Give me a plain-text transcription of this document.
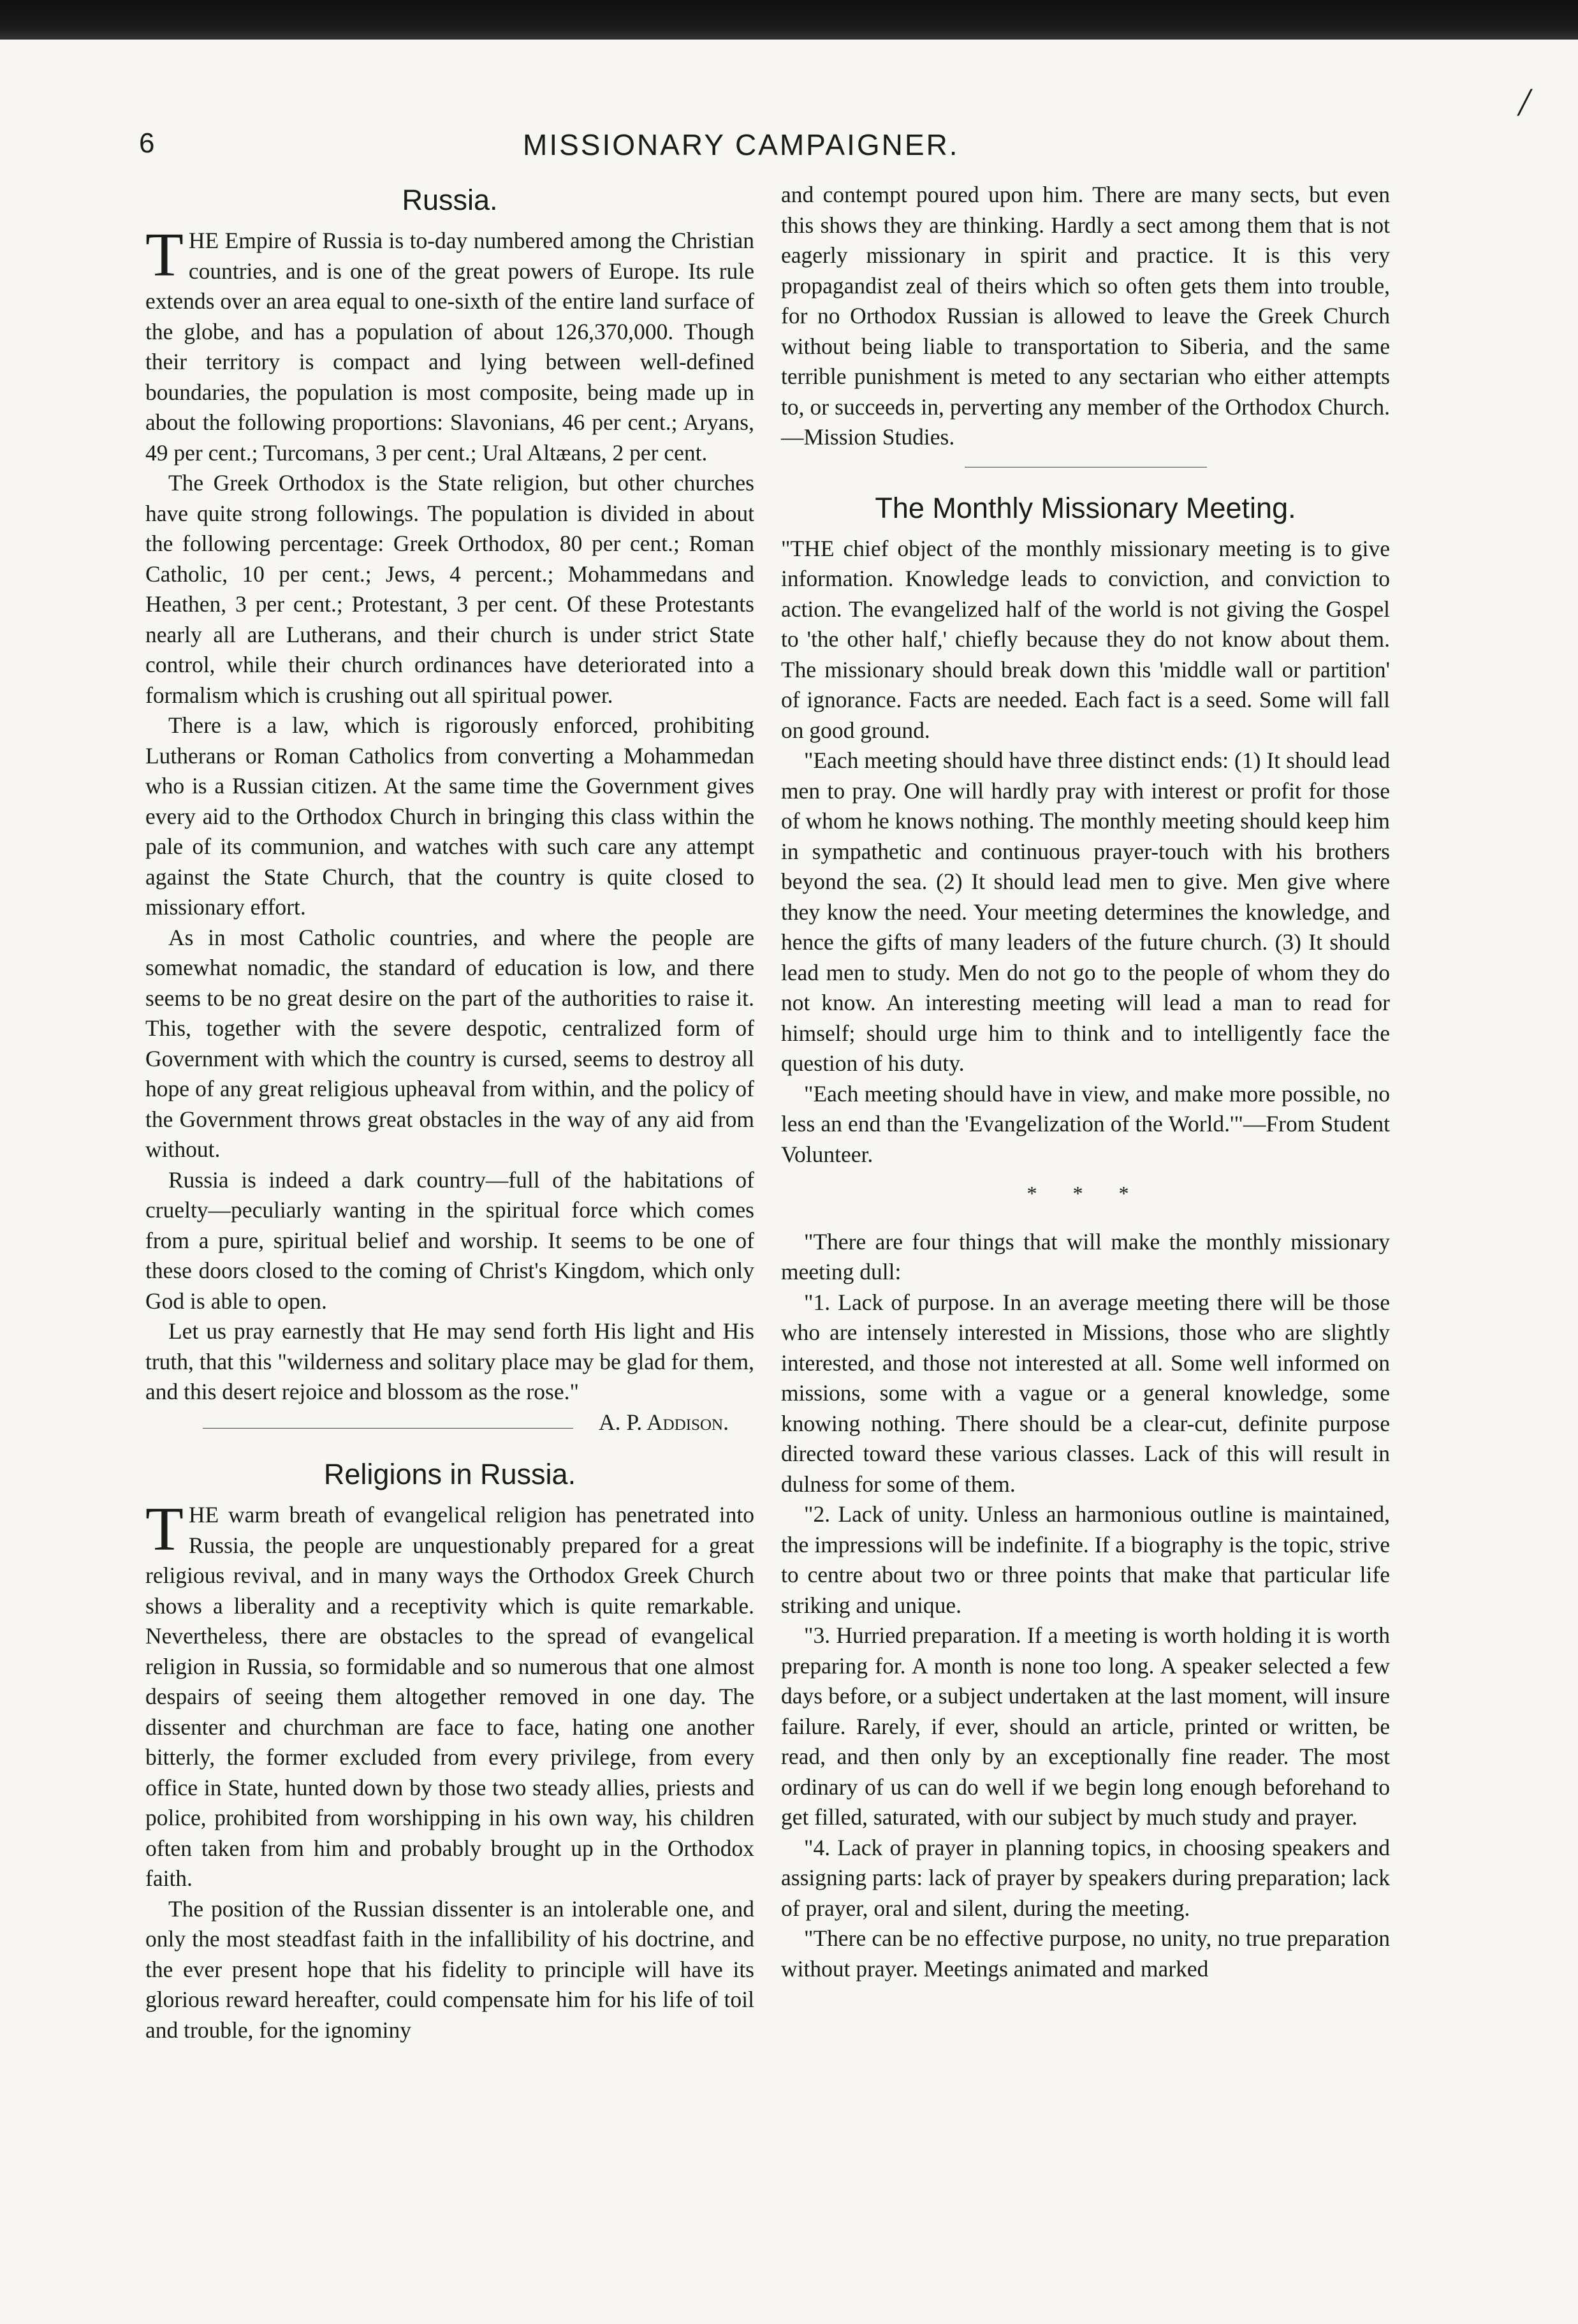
6	MISSIONARY CAMPAIGNER.
/
Russia.

THE Empire of Russia is to-day numbered among the Christian countries, and is one of the great powers of Europe. Its rule extends over an area equal to one-sixth of the entire land surface of the globe, and has a population of about 126,370,000. Though their territory is compact and lying between well-defined boundaries, the population is most composite, being made up in about the following proportions: Slavonians, 46 per cent.; Aryans, 49 per cent.; Turcomans, 3 per cent.; Ural Altæans, 2 per cent.

The Greek Orthodox is the State religion, but other churches have quite strong followings. The population is divided in about the following percentage: Greek Orthodox, 80 per cent.; Roman Catholic, 10 per cent.; Jews, 4 percent.; Mohammedans and Heathen, 3 per cent.; Protestant, 3 per cent. Of these Protestants nearly all are Lutherans, and their church is under strict State control, while their church ordinances have deteriorated into a formalism which is crushing out all spiritual power.

There is a law, which is rigorously enforced, prohibiting Lutherans or Roman Catholics from converting a Mohammedan who is a Russian citizen. At the same time the Government gives every aid to the Orthodox Church in bringing this class within the pale of its communion, and watches with such care any attempt against the State Church, that the country is quite closed to missionary effort.

As in most Catholic countries, and where the people are somewhat nomadic, the standard of education is low, and there seems to be no great desire on the part of the authorities to raise it. This, together with the severe despotic, centralized form of Government with which the country is cursed, seems to destroy all hope of any great religious upheaval from within, and the policy of the Government throws great obstacles in the way of any aid from without.

Russia is indeed a dark country—full of the habitations of cruelty—peculiarly wanting in the spiritual force which comes from a pure, spiritual belief and worship. It seems to be one of these doors closed to the coming of Christ's Kingdom, which only God is able to open.

Let us pray earnestly that He may send forth His light and His truth, that this "wilderness and solitary place may be glad for them, and this desert rejoice and blossom as the rose."

A. P. Addison.
Religions in Russia.

THE warm breath of evangelical religion has penetrated into Russia, the people are unquestionably prepared for a great religious revival, and in many ways the Orthodox Greek Church shows a liberality and a receptivity which is quite remarkable. Nevertheless, there are obstacles to the spread of evangelical religion in Russia, so formidable and so numerous that one almost despairs of seeing them altogether removed in one day. The dissenter and churchman are face to face, hating one another bitterly, the former excluded from every privilege, from every office in State, hunted down by those two steady allies, priests and police, prohibited from worshipping in his own way, his children often taken from him and probably brought up in the Orthodox faith.

The position of the Russian dissenter is an intolerable one, and only the most steadfast faith in the infallibility of his doctrine, and the ever present hope that his fidelity to principle will have its glorious reward hereafter, could compensate him for his life of toil and trouble, for the ignominy

and contempt poured upon him. There are many sects, but even this shows they are thinking. Hardly a sect among them that is not eagerly missionary in spirit and practice. It is this very propagandist zeal of theirs which so often gets them into trouble, for no Orthodox Russian is allowed to leave the Greek Church without being liable to transportation to Siberia, and the same terrible punishment is meted to any sectarian who either attempts to, or succeeds in, perverting any member of the Orthodox Church.—Mission Studies.

The Monthly Missionary Meeting.

"THE chief object of the monthly missionary meeting is to give information. Knowledge leads to conviction, and conviction to action. The evangelized half of the world is not giving the Gospel to 'the other half,' chiefly because they do not know about them. The missionary should break down this 'middle wall or partition' of ignorance. Facts are needed. Each fact is a seed. Some will fall on good ground.

"Each meeting should have three distinct ends: (1) It should lead men to pray. One will hardly pray with interest or profit for those of whom he knows nothing. The monthly meeting should keep him in sympathetic and continuous prayer-touch with his brothers beyond the sea. (2) It should lead men to give. Men give where they know the need. Your meeting determines the knowledge, and hence the gifts of many leaders of the future church. (3) It should lead men to study. Men do not go to the people of whom they do not know. An interesting meeting will lead a man to read for himself; should urge him to think and to intelligently face the question of his duty.

"Each meeting should have in view, and make more possible, no less an end than the 'Evangelization of the World.'"—From Student Volunteer.

* * *

"There are four things that will make the monthly missionary meeting dull:

"1. Lack of purpose. In an average meeting there will be those who are intensely interested in Missions, those who are slightly interested, and those not interested at all. Some well informed on missions, some with a vague or a general knowledge, some knowing nothing. There should be a clear-cut, definite purpose directed toward these various classes. Lack of this will result in dulness for some of them.

"2. Lack of unity. Unless an harmonious outline is maintained, the impressions will be indefinite. If a biography is the topic, strive to centre about two or three points that make that particular life striking and unique.

"3. Hurried preparation. If a meeting is worth holding it is worth preparing for. A month is none too long. A speaker selected a few days before, or a subject undertaken at the last moment, will insure failure. Rarely, if ever, should an article, printed or written, be read, and then only by an exceptionally fine reader. The most ordinary of us can do well if we begin long enough beforehand to get filled, saturated, with our subject by much study and prayer.

"4. Lack of prayer in planning topics, in choosing speakers and assigning parts: lack of prayer by speakers during preparation; lack of prayer, oral and silent, during the meeting.

"There can be no effective purpose, no unity, no true preparation without prayer. Meetings animated and marked
